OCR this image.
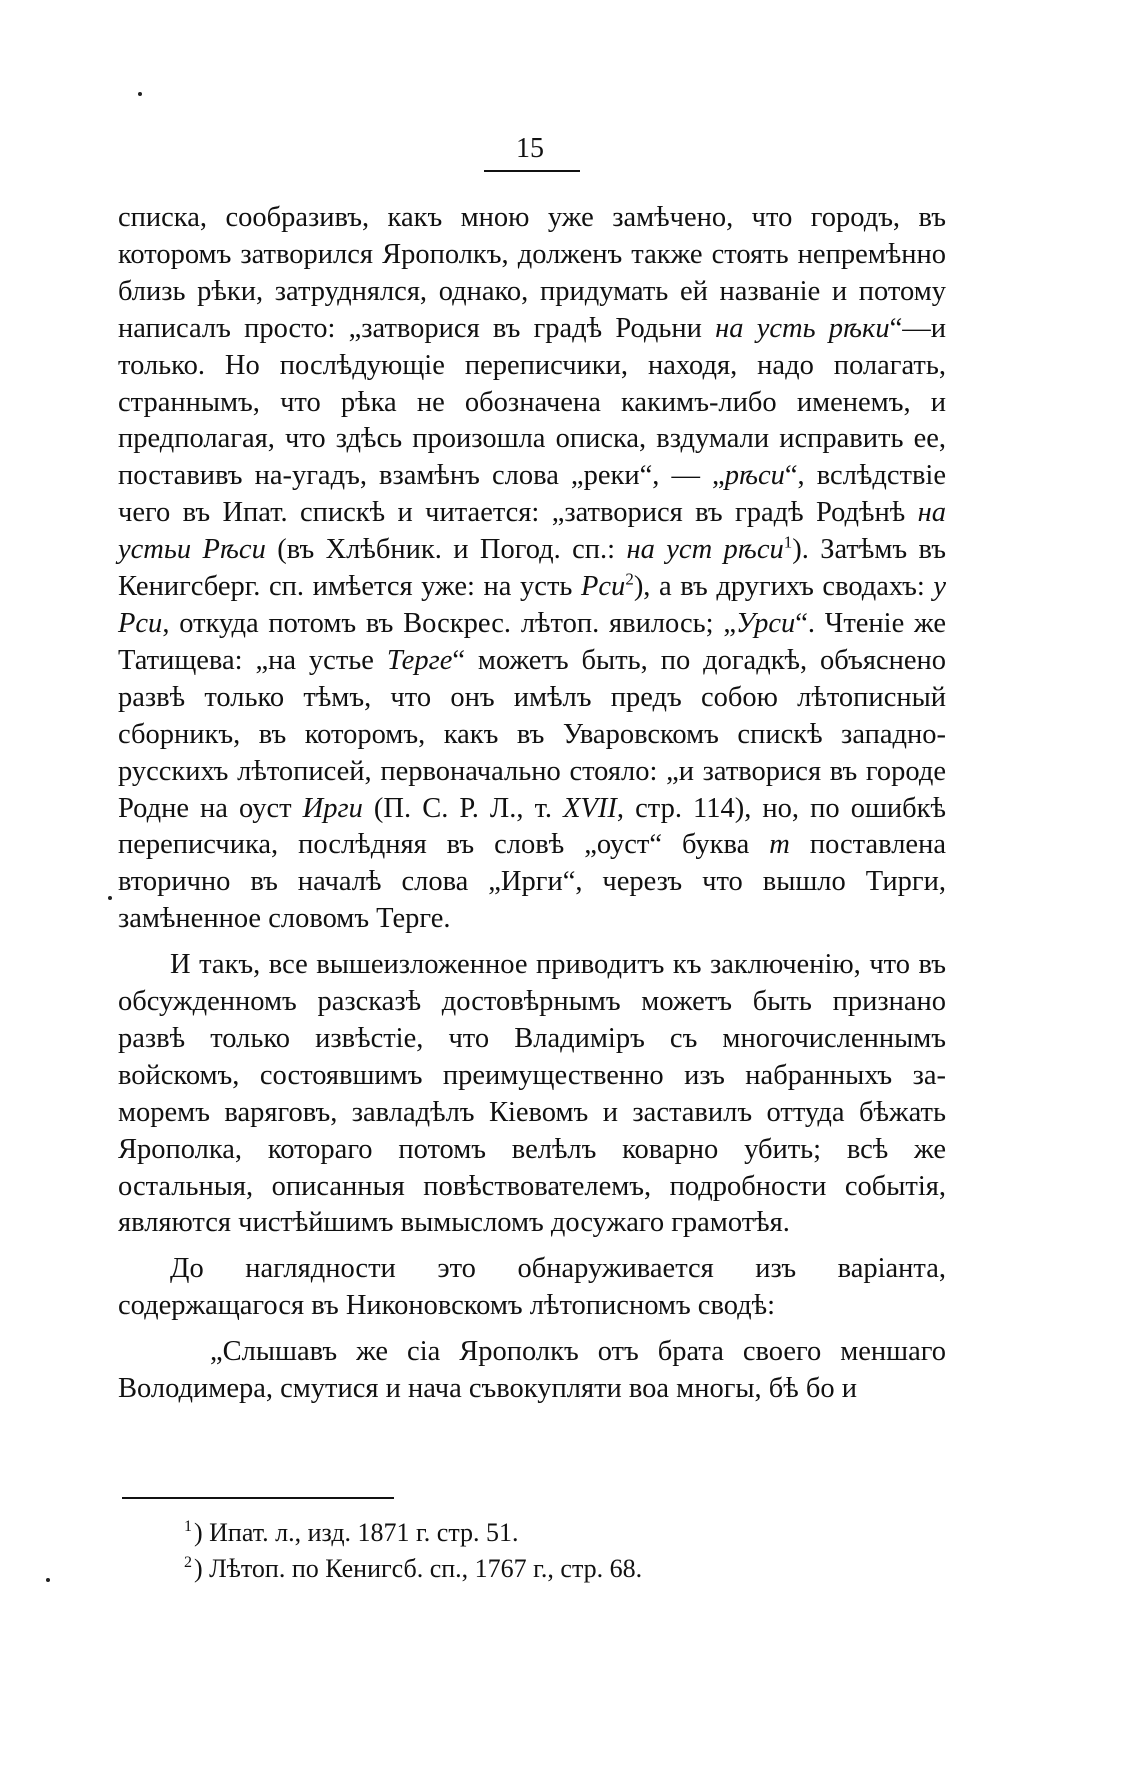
15

списка, сообразивъ, какъ мною уже замѣчено, что городъ, въ которомъ затворился Ярополкъ, долженъ также стоять непремѣнно близь рѣки, затруднялся, однако, придумать ей названіе и потому написалъ просто: „затворися въ градѣ Родьни на усть рѣки“—и только. Но послѣдующіе переписчики, находя, надо полагать, страннымъ, что рѣка не обозначена какимъ-либо именемъ, и предполагая, что здѣсь произошла описка, вздумали исправить ее, поставивъ на-угадъ, взамѣнъ слова „реки“, — „рѣси“, вслѣдствіе чего въ Ипат. спискѣ и читается: „затворися въ градѣ Родѣнѣ на устьи Рѣси (въ Хлѣбник. и Погод. сп.: на уст рѣси$^1$). Затѣмъ въ Кенигсберг. сп. имѣется уже: на усть Рси$^2$), а въ другихъ сводахъ: у Рси, откуда потомъ въ Воскрес. лѣтоп. явилось; „Урси“. Чтеніе же Татищева: „на устье Терге“ можетъ быть, по догадкѣ, объяснено развѣ только тѣмъ, что онъ имѣлъ предъ собою лѣтописный сборникъ, въ которомъ, какъ въ Уваровскомъ спискѣ западно-русскихъ лѣтописей, первоначально стояло: „и затворися въ городе Родне на оуст Ирги (П. С. Р. Л., т. XVII, стр. 114), но, по ошибкѣ переписчика, послѣдняя въ словѣ „оуст“ буква т поставлена вторично въ началѣ слова „Ирги“, черезъ что вышло Тирги, замѣненное словомъ Терге.

И такъ, все вышеизложенное приводитъ къ заключенію, что въ обсужденномъ разсказѣ достовѣрнымъ можетъ быть признано развѣ только извѣстіе, что Владиміръ съ многочисленнымъ войскомъ, состоявшимъ преимущественно изъ набранныхъ за-моремъ варяговъ, завладѣлъ Кіевомъ и заставилъ оттуда бѣжать Ярополка, котораго потомъ велѣлъ коварно убить; всѣ же остальныя, описанныя повѣствователемъ, подробности событія, являются чистѣйшимъ вымысломъ досужаго грамотѣя.

До наглядности это обнаруживается изъ варіанта, содержащагося въ Никоновскомъ лѣтописномъ сводѣ:

„Слышавъ же сіа Ярополкъ отъ брата своего меншаго Володимера, смутися и нача съвокупляти воа многы, бѣ бо и

$^1$) Ипат. л., изд. 1871 г. стр. 51.

$^2$) Лѣтоп. по Кенигсб. сп., 1767 г., стр. 68.
